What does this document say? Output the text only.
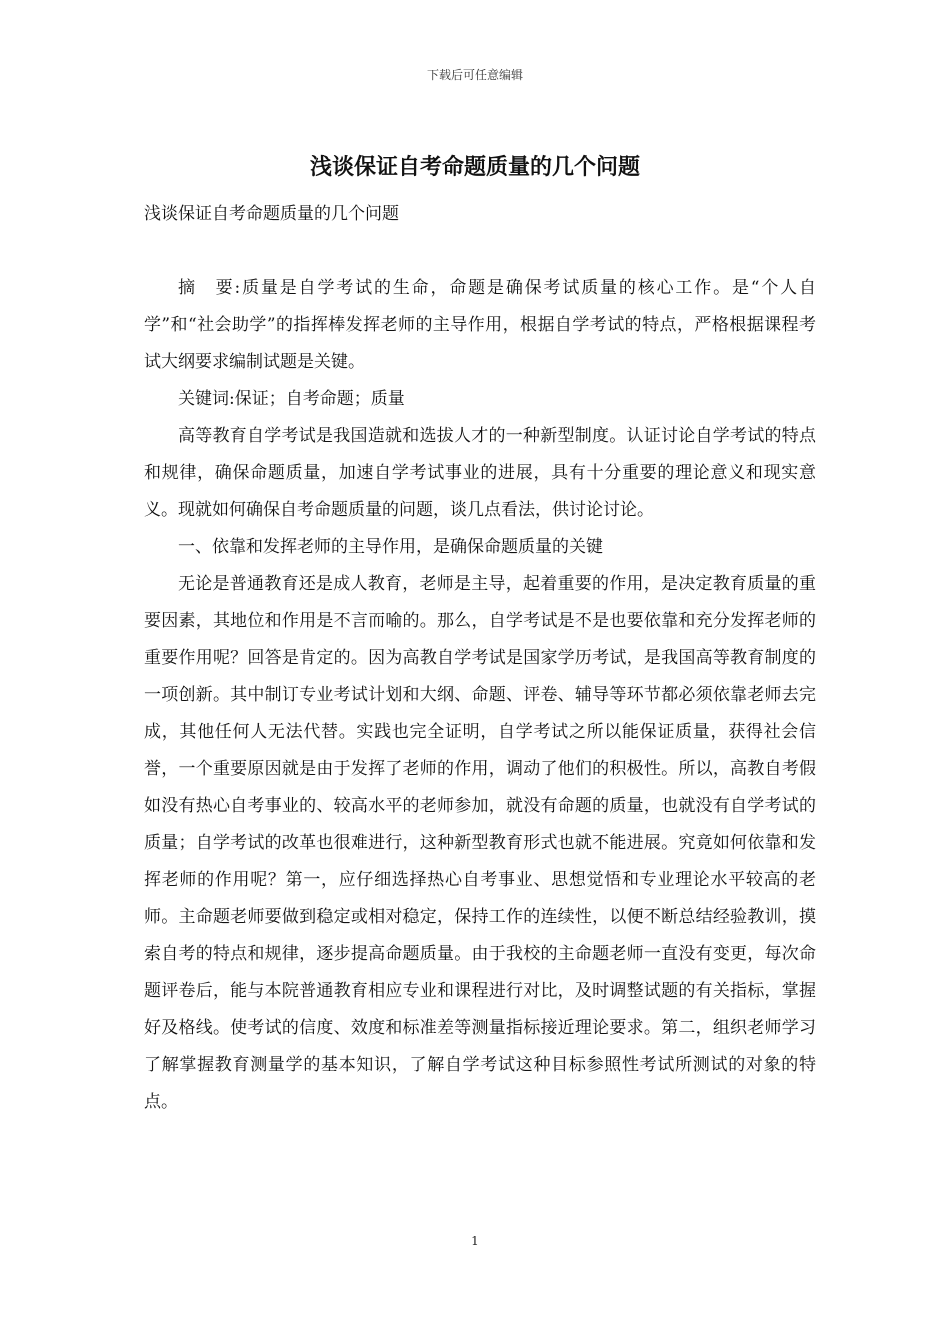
下载后可任意编辑
浅谈保证自考命题质量的几个问题

浅谈保证自考命题质量的几个问题

摘　要:质量是自学考试的生命，命题是确保考试质量的核心工作。是“个人自学”和“社会助学”的指挥棒发挥老师的主导作用，根据自学考试的特点，严格根据课程考试大纲要求编制试题是关键。

关键词:保证；自考命题；质量

高等教育自学考试是我国造就和选拔人才的一种新型制度。认证讨论自学考试的特点和规律，确保命题质量，加速自学考试事业的进展，具有十分重要的理论意义和现实意义。现就如何确保自考命题质量的问题，谈几点看法，供讨论讨论。

一、依靠和发挥老师的主导作用，是确保命题质量的关键

无论是普通教育还是成人教育，老师是主导，起着重要的作用，是决定教育质量的重要因素，其地位和作用是不言而喻的。那么，自学考试是不是也要依靠和充分发挥老师的重要作用呢？回答是肯定的。因为高教自学考试是国家学历考试，是我国高等教育制度的一项创新。其中制订专业考试计划和大纲、命题、评卷、辅导等环节都必须依靠老师去完成，其他任何人无法代替。实践也完全证明，自学考试之所以能保证质量，获得社会信誉，一个重要原因就是由于发挥了老师的作用，调动了他们的积极性。所以，高教自考假如没有热心自考事业的、较高水平的老师参加，就没有命题的质量，也就没有自学考试的质量；自学考试的改革也很难进行，这种新型教育形式也就不能进展。究竟如何依靠和发挥老师的作用呢？第一，应仔细选择热心自考事业、思想觉悟和专业理论水平较高的老师。主命题老师要做到稳定或相对稳定，保持工作的连续性，以便不断总结经验教训，摸索自考的特点和规律，逐步提高命题质量。由于我校的主命题老师一直没有变更，每次命题评卷后，能与本院普通教育相应专业和课程进行对比，及时调整试题的有关指标，掌握好及格线。使考试的信度、效度和标准差等测量指标接近理论要求。第二，组织老师学习了解掌握教育测量学的基本知识，了解自学考试这种目标参照性考试所测试的对象的特点。

1
